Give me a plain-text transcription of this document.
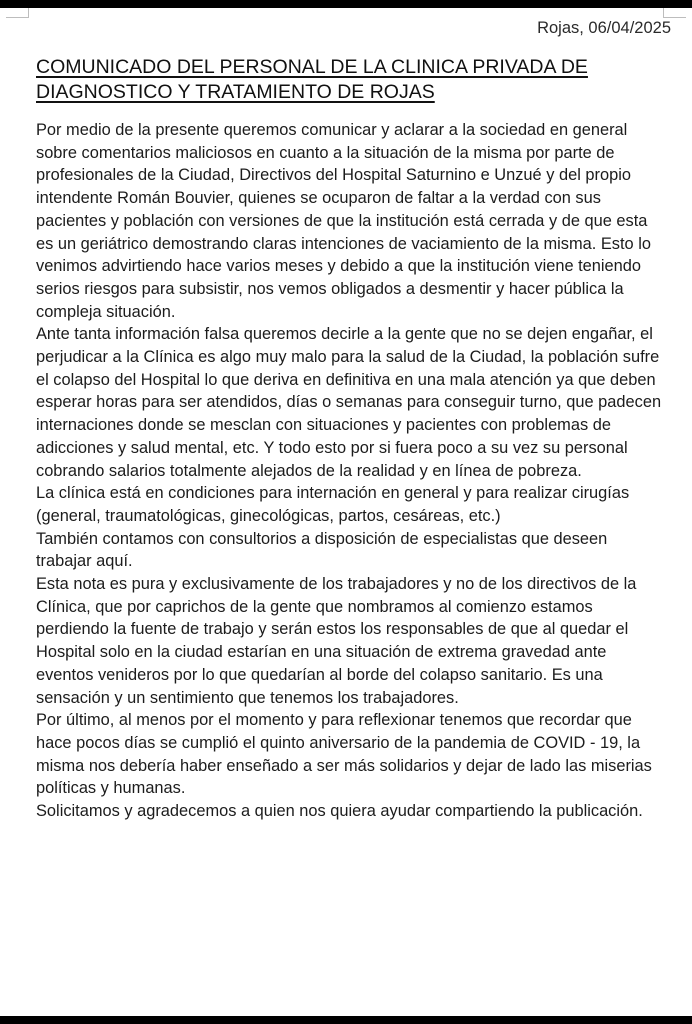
Rojas, 06/04/2025
COMUNICADO DEL PERSONAL DE LA CLINICA PRIVADA DE DIAGNOSTICO Y TRATAMIENTO DE ROJAS

Por medio de la presente queremos comunicar y aclarar a la sociedad en general sobre comentarios maliciosos en cuanto a la situación de la misma por parte de profesionales de la Ciudad, Directivos del Hospital Saturnino e Unzué y del propio intendente Román Bouvier, quienes se ocuparon de faltar a la verdad con sus pacientes y población con versiones de que la institución está cerrada y de que esta es un geriátrico demostrando claras intenciones de vaciamiento de la misma. Esto lo venimos advirtiendo hace varios meses y debido a que la institución viene teniendo serios riesgos para subsistir, nos vemos obligados a desmentir y hacer pública la compleja situación.

Ante tanta información falsa queremos decirle a la gente que no se dejen engañar, el perjudicar a la Clínica es algo muy malo para la salud de la Ciudad, la población sufre el colapso del Hospital lo que deriva en definitiva en una mala atención ya que deben esperar horas para ser atendidos, días o semanas para conseguir turno, que padecen internaciones donde se mesclan con situaciones y pacientes con problemas de adicciones y salud mental, etc. Y todo esto por si fuera poco a su vez su personal cobrando salarios totalmente alejados de la realidad y en línea de pobreza.

La clínica está en condiciones para internación en general y para realizar cirugías (general, traumatológicas, ginecológicas, partos, cesáreas, etc.)

También contamos con consultorios a disposición de especialistas que deseen trabajar aquí.

Esta nota es pura y exclusivamente de los trabajadores y no de los directivos de la Clínica, que por caprichos de la gente que nombramos al comienzo estamos perdiendo la fuente de trabajo y serán estos los responsables de que al quedar el Hospital solo en la ciudad estarían en una situación de extrema gravedad ante eventos venideros por lo que quedarían al borde del colapso sanitario. Es una sensación y un sentimiento que tenemos los trabajadores.

Por último, al menos por el momento y para reflexionar tenemos que recordar que hace pocos días se cumplió el quinto aniversario de la pandemia de COVID - 19, la misma nos debería haber enseñado a ser más solidarios y dejar de lado las miserias políticas y humanas.

Solicitamos y agradecemos a quien nos quiera ayudar compartiendo la publicación.
